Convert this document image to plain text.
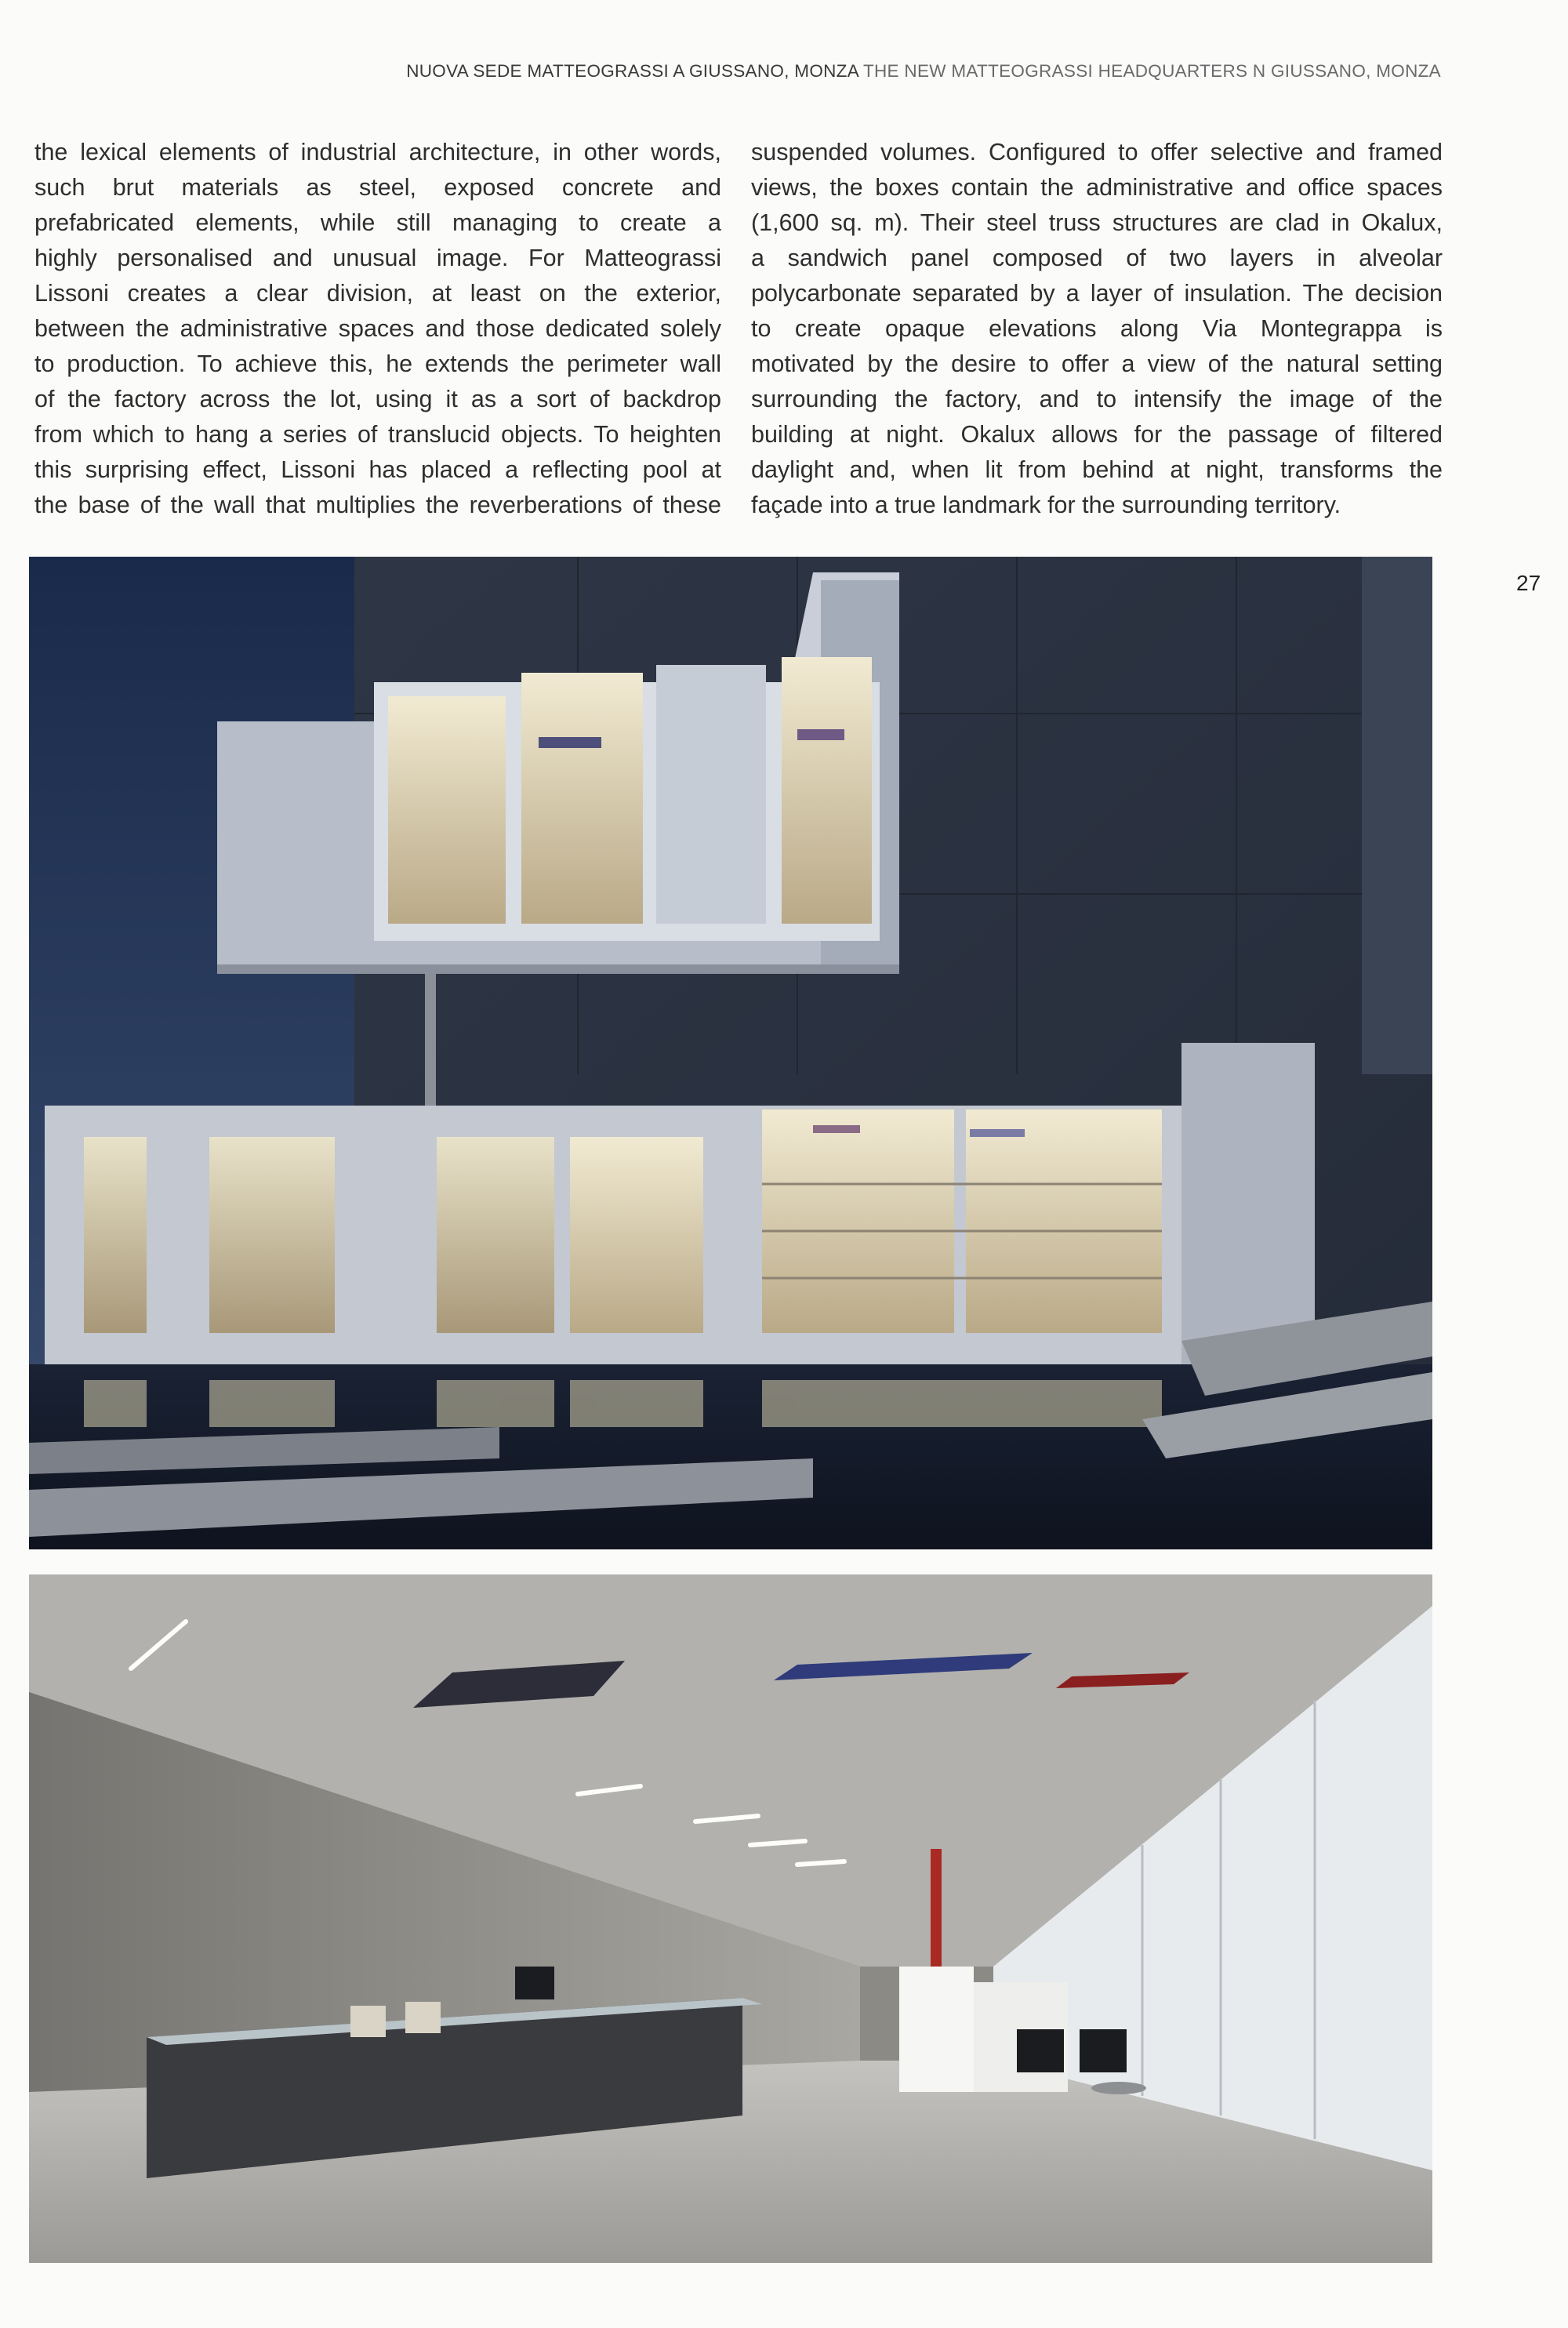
NUOVA SEDE MATTEOGRASSI A GIUSSANO, MONZA THE NEW MATTEOGRASSI HEADQUARTERS N GIUSSANO, MONZA
the lexical elements of industrial architecture, in other words,
such brut materials as steel, exposed concrete and
prefabricated elements, while still managing to create a
highly personalised and unusual image. For Matteograssi
Lissoni creates a clear division, at least on the exterior,
between the administrative spaces and those dedicated solely
to production. To achieve this, he extends the perimeter wall
of the factory across the lot, using it as a sort of backdrop
from which to hang a series of translucid objects. To heighten
this surprising effect, Lissoni has placed a reflecting pool at
the base of the wall that multiplies the reverberations of these
suspended volumes. Configured to offer selective and framed
views, the boxes contain the administrative and office spaces
(1,600 sq. m). Their steel truss structures are clad in Okalux,
a sandwich panel composed of two layers in alveolar
polycarbonate separated by a layer of insulation. The decision
to create opaque elevations along Via Montegrappa is
motivated by the desire to offer a view of the natural setting
surrounding the factory, and to intensify the image of the
building at night. Okalux allows for the passage of filtered
daylight and, when lit from behind at night, transforms the
façade into a true landmark for the surrounding territory.
27
